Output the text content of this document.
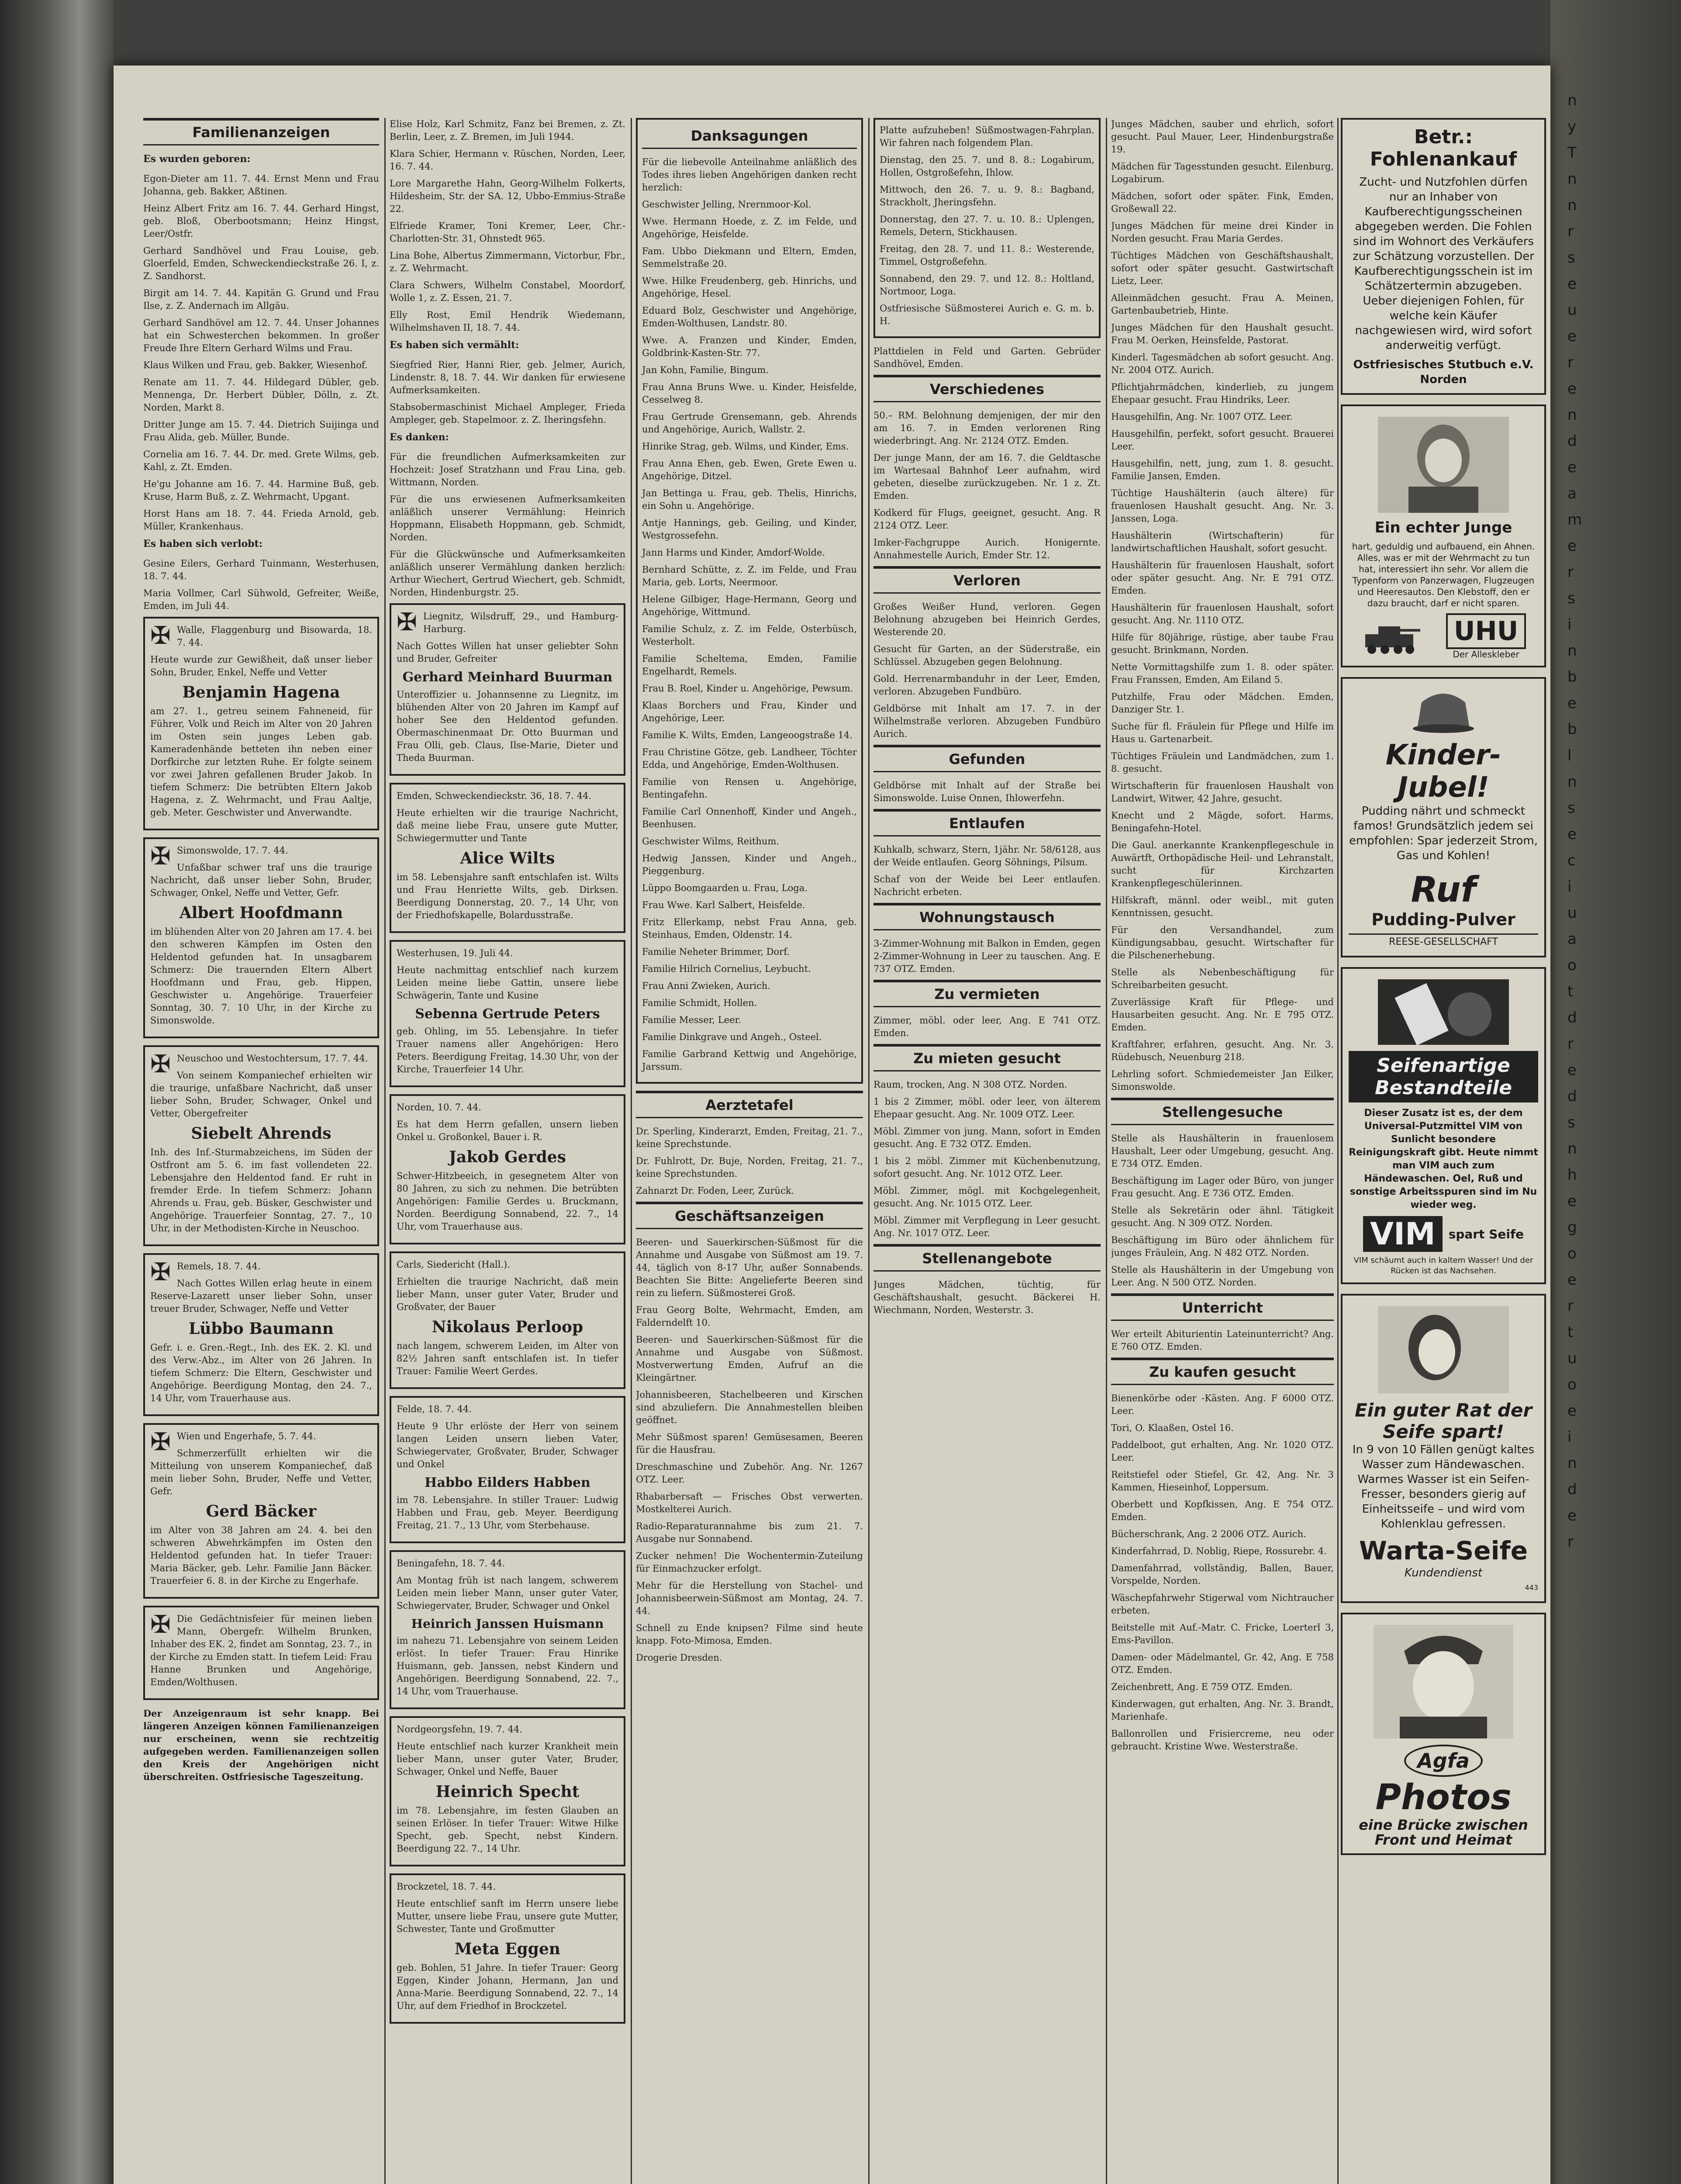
n
y
T
n
n
r
s
e
u
e
r
e
n
d
e
a
m
e
r
s
i
n
b
e
b
l
n
s
e
c
i
u
a
o
t
d
r
e
d
s
n
h
e
g
o
e
r
t
u
o
e
i
n
d
e
r
Familienanzeigen
Es wurden geboren:
Egon-Dieter am 11. 7. 44. Ernst Menn und Frau Johanna, geb. Bakker, Aßtinen.
Heinz Albert Fritz am 16. 7. 44. Gerhard Hingst, geb. Bloß, Oberbootsmann; Heinz Hingst, Leer/Ostfr.
Gerhard Sandhövel und Frau Louise, geb. Gloerfeld, Emden, Schweckendieckstraße 26. I, z. Z. Sandhorst.
Birgit am 14. 7. 44. Kapitän G. Grund und Frau Ilse, z. Z. Andernach im Allgäu.
Gerhard Sandhövel am 12. 7. 44. Unser Johannes hat ein Schwesterchen bekommen. In großer Freude Ihre Eltern Gerhard Wilms und Frau.
Klaus Wilken und Frau, geb. Bakker, Wiesenhof.
Renate am 11. 7. 44. Hildegard Dübler, geb. Mennenga, Dr. Herbert Dübler, Dölln, z. Zt. Norden, Markt 8.
Dritter Junge am 15. 7. 44. Dietrich Suijinga und Frau Alida, geb. Müller, Bunde.
Cornelia am 16. 7. 44. Dr. med. Grete Wilms, geb. Kahl, z. Zt. Emden.
He'gu Johanne am 16. 7. 44. Harmine Buß, geb. Kruse, Harm Buß, z. Z. Wehrmacht, Upgant.
Horst Hans am 18. 7. 44. Frieda Arnold, geb. Müller, Krankenhaus.
Es haben sich verlobt:
Gesine Eilers, Gerhard Tuinmann, Westerhusen, 18. 7. 44.
Maria Vollmer, Carl Sühwold, Gefreiter, Weiße, Emden, im Juli 44.
✠ Walle, Flaggenburg und Bisowarda, 18. 7. 44.
Heute wurde zur Gewißheit, daß unser lieber Sohn, Bruder, Enkel, Neffe und Vetter
Benjamin Hagena
am 27. 1., getreu seinem Fahneneid, für Führer, Volk und Reich im Alter von 20 Jahren im Osten sein junges Leben gab. Kameradenhände betteten ihn neben einer Dorfkirche zur letzten Ruhe. Er folgte seinem vor zwei Jahren gefallenen Bruder Jakob. In tiefem Schmerz: Die betrübten Eltern Jakob Hagena, z. Z. Wehrmacht, und Frau Aaltje, geb. Meter. Geschwister und Anverwandte.
✠ Simonswolde, 17. 7. 44.
Unfaßbar schwer traf uns die traurige Nachricht, daß unser lieber Sohn, Bruder, Schwager, Onkel, Neffe und Vetter, Gefr.
Albert Hoofdmann
im blühenden Alter von 20 Jahren am 17. 4. bei den schweren Kämpfen im Osten den Heldentod gefunden hat. In unsagbarem Schmerz: Die trauernden Eltern Albert Hoofdmann und Frau, geb. Hippen, Geschwister u. Angehörige. Trauerfeier Sonntag, 30. 7. 10 Uhr, in der Kirche zu Simonswolde.
✠ Neuschoo und Westochtersum, 17. 7. 44.
Von seinem Kompaniechef erhielten wir die traurige, unfaßbare Nachricht, daß unser lieber Sohn, Bruder, Schwager, Onkel und Vetter, Obergefreiter
Siebelt Ahrends
Inh. des Inf.-Sturmabzeichens, im Süden der Ostfront am 5. 6. im fast vollendeten 22. Lebensjahre den Heldentod fand. Er ruht in fremder Erde. In tiefem Schmerz: Johann Ahrends u. Frau, geb. Büsker, Geschwister und Angehörige. Trauerfeier Sonntag, 27. 7., 10 Uhr, in der Methodisten-Kirche in Neuschoo.
✠ Remels, 18. 7. 44.
Nach Gottes Willen erlag heute in einem Reserve-Lazarett unser lieber Sohn, unser treuer Bruder, Schwager, Neffe und Vetter
Lübbo Baumann
Gefr. i. e. Gren.-Regt., Inh. des EK. 2. Kl. und des Verw.-Abz., im Alter von 26 Jahren. In tiefem Schmerz: Die Eltern, Geschwister und Angehörige. Beerdigung Montag, den 24. 7., 14 Uhr, vom Trauerhause aus.
✠ Wien und Engerhafe, 5. 7. 44.
Schmerzerfüllt erhielten wir die Mitteilung von unserem Kompaniechef, daß mein lieber Sohn, Bruder, Neffe und Vetter, Gefr.
Gerd Bäcker
im Alter von 38 Jahren am 24. 4. bei den schweren Abwehrkämpfen im Osten den Heldentod gefunden hat. In tiefer Trauer: Maria Bäcker, geb. Lehr. Familie Jann Bäcker. Trauerfeier 6. 8. in der Kirche zu Engerhafe.
✠ Die Gedächtnisfeier für meinen lieben Mann, Obergefr. Wilhelm Brunken, Inhaber des EK. 2, findet am Sonntag, 23. 7., in der Kirche zu Emden statt. In tiefem Leid: Frau Hanne Brunken und Angehörige, Emden/Wolthusen.
Der Anzeigenraum ist sehr knapp. Bei längeren Anzeigen können Familienanzeigen nur erscheinen, wenn sie rechtzeitig aufgegeben werden. Familienanzeigen sollen den Kreis der Angehörigen nicht überschreiten. Ostfriesische Tageszeitung.
Elise Holz, Karl Schmitz, Fanz bei Bremen, z. Zt. Berlin, Leer, z. Z. Bremen, im Juli 1944.
Klara Schier, Hermann v. Rüschen, Norden, Leer, 16. 7. 44.
Lore Margarethe Hahn, Georg-Wilhelm Folkerts, Hildesheim, Str. der SA. 12, Ubbo-Emmius-Straße 22.
Elfriede Kramer, Toni Kremer, Leer, Chr.-Charlotten-Str. 31, Ohnstedt 965.
Lina Bohe, Albertus Zimmermann, Victorbur, Fbr., z. Z. Wehrmacht.
Clara Schwers, Wilhelm Constabel, Moordorf, Wolle 1, z. Z. Essen, 21. 7.
Elly Rost, Emil Hendrik Wiedemann, Wilhelmshaven II, 18. 7. 44.
Es haben sich vermählt:
Siegfried Rier, Hanni Rier, geb. Jelmer, Aurich, Lindenstr. 8, 18. 7. 44. Wir danken für erwiesene Aufmerksamkeiten.
Stabsobermaschinist Michael Ampleger, Frieda Ampleger, geb. Stapelmoor. z. Z. Iheringsfehn.
Es danken:
Für die freundlichen Aufmerksamkeiten zur Hochzeit: Josef Stratzhann und Frau Lina, geb. Wittmann, Norden.
Für die uns erwiesenen Aufmerksamkeiten anläßlich unserer Vermählung: Heinrich Hoppmann, Elisabeth Hoppmann, geb. Schmidt, Norden.
Für die Glückwünsche und Aufmerksamkeiten anläßlich unserer Vermählung danken herzlich: Arthur Wiechert, Gertrud Wiechert, geb. Schmidt, Norden, Hindenburgstr. 25.
✠ Liegnitz, Wilsdruff, 29., und Hamburg-Harburg.
Nach Gottes Willen hat unser geliebter Sohn und Bruder, Gefreiter
Gerhard Meinhard Buurman
Unteroffizier u. Johannsenne zu Liegnitz, im blühenden Alter von 20 Jahren im Kampf auf hoher See den Heldentod gefunden. Obermaschinenmaat Dr. Otto Buurman und Frau Olli, geb. Claus, Ilse-Marie, Dieter und Theda Buurman.
Emden, Schweckendieckstr. 36, 18. 7. 44.
Heute erhielten wir die traurige Nachricht, daß meine liebe Frau, unsere gute Mutter, Schwiegermutter und Tante
Alice Wilts
im 58. Lebensjahre sanft entschlafen ist. Wilts und Frau Henriette Wilts, geb. Dirksen. Beerdigung Donnerstag, 20. 7., 14 Uhr, von der Friedhofskapelle, Bolardusstraße.
Westerhusen, 19. Juli 44.
Heute nachmittag entschlief nach kurzem Leiden meine liebe Gattin, unsere liebe Schwägerin, Tante und Kusine
Sebenna Gertrude Peters
geb. Ohling, im 55. Lebensjahre. In tiefer Trauer namens aller Angehörigen: Hero Peters. Beerdigung Freitag, 14.30 Uhr, von der Kirche, Trauerfeier 14 Uhr.
Norden, 10. 7. 44.
Es hat dem Herrn gefallen, unsern lieben Onkel u. Großonkel, Bauer i. R.
Jakob Gerdes
Schwer-Hitzbeeich, in gesegnetem Alter von 80 Jahren, zu sich zu nehmen. Die betrübten Angehörigen: Familie Gerdes u. Bruckmann, Norden. Beerdigung Sonnabend, 22. 7., 14 Uhr, vom Trauerhause aus.
Carls, Siedericht (Hall.).
Erhielten die traurige Nachricht, daß mein lieber Mann, unser guter Vater, Bruder und Großvater, der Bauer
Nikolaus Perloop
nach langem, schwerem Leiden, im Alter von 82½ Jahren sanft entschlafen ist. In tiefer Trauer: Familie Weert Gerdes.
Felde, 18. 7. 44.
Heute 9 Uhr erlöste der Herr von seinem langen Leiden unsern lieben Vater, Schwiegervater, Großvater, Bruder, Schwager und Onkel
Habbo Eilders Habben
im 78. Lebensjahre. In stiller Trauer: Ludwig Habben und Frau, geb. Meyer. Beerdigung Freitag, 21. 7., 13 Uhr, vom Sterbehause.
Beningafehn, 18. 7. 44.
Am Montag früh ist nach langem, schwerem Leiden mein lieber Mann, unser guter Vater, Schwiegervater, Bruder, Schwager und Onkel
Heinrich Janssen Huismann
im nahezu 71. Lebensjahre von seinem Leiden erlöst. In tiefer Trauer: Frau Hinrike Huismann, geb. Janssen, nebst Kindern und Angehörigen. Beerdigung Sonnabend, 22. 7., 14 Uhr, vom Trauerhause.
Nordgeorgsfehn, 19. 7. 44.
Heute entschlief nach kurzer Krankheit mein lieber Mann, unser guter Vater, Bruder, Schwager, Onkel und Neffe, Bauer
Heinrich Specht
im 78. Lebensjahre, im festen Glauben an seinen Erlöser. In tiefer Trauer: Witwe Hilke Specht, geb. Specht, nebst Kindern. Beerdigung 22. 7., 14 Uhr.
Brockzetel, 18. 7. 44.
Heute entschlief sanft im Herrn unsere liebe Mutter, unsere liebe Frau, unsere gute Mutter, Schwester, Tante und Großmutter
Meta Eggen
geb. Bohlen, 51 Jahre. In tiefer Trauer: Georg Eggen, Kinder Johann, Hermann, Jan und Anna-Marie. Beerdigung Sonnabend, 22. 7., 14 Uhr, auf dem Friedhof in Brockzetel.
Danksagungen
Für die liebevolle Anteilnahme anläßlich des Todes ihres lieben Angehörigen danken recht herzlich:
Geschwister Jelling, Nrernmoor-Kol.
Wwe. Hermann Hoede, z. Z. im Felde, und Angehörige, Heisfelde.
Fam. Ubbo Diekmann und Eltern, Emden, Semmelstraße 20.
Wwe. Hilke Freudenberg, geb. Hinrichs, und Angehörige, Hesel.
Eduard Bolz, Geschwister und Angehörige, Emden-Wolthusen, Landstr. 80.
Wwe. A. Franzen und Kinder, Emden, Goldbrink-Kasten-Str. 77.
Jan Kohn, Familie, Bingum.
Frau Anna Bruns Wwe. u. Kinder, Heisfelde, Cesselweg 8.
Frau Gertrude Grensemann, geb. Ahrends und Angehörige, Aurich, Wallstr. 2.
Hinrike Strag, geb. Wilms, und Kinder, Ems.
Frau Anna Ehen, geb. Ewen, Grete Ewen u. Angehörige, Ditzel.
Jan Bettinga u. Frau, geb. Thelis, Hinrichs, ein Sohn u. Angehörige.
Antje Hannings, geb. Geiling, und Kinder, Westgrossefehn.
Jann Harms und Kinder, Amdorf-Wolde.
Bernhard Schütte, z. Z. im Felde, und Frau Maria, geb. Lorts, Neermoor.
Helene Gilbiger, Hage-Hermann, Georg und Angehörige, Wittmund.
Familie Schulz, z. Z. im Felde, Osterbüsch, Westerholt.
Familie Scheltema, Emden, Familie Engelhardt, Remels.
Frau B. Roel, Kinder u. Angehörige, Pewsum.
Klaas Borchers und Frau, Kinder und Angehörige, Leer.
Familie K. Wilts, Emden, Langeoogstraße 14.
Frau Christine Götze, geb. Landheer, Töchter Edda, und Angehörige, Emden-Wolthusen.
Familie von Rensen u. Angehörige, Bentingafehn.
Familie Carl Onnenhoff, Kinder und Angeh., Beenhusen.
Geschwister Wilms, Reithum.
Hedwig Janssen, Kinder und Angeh., Pieggenburg.
Lüppo Boomgaarden u. Frau, Loga.
Frau Wwe. Karl Salbert, Heisfelde.
Fritz Ellerkamp, nebst Frau Anna, geb. Steinhaus, Emden, Oldenstr. 14.
Familie Neheter Brimmer, Dorf.
Familie Hilrich Cornelius, Leybucht.
Frau Anni Zwieken, Aurich.
Familie Schmidt, Hollen.
Familie Messer, Leer.
Familie Dinkgrave und Angeh., Osteel.
Familie Garbrand Kettwig und Angehörige, Jarssum.
Aerztetafel
Dr. Sperling, Kinderarzt, Emden, Freitag, 21. 7., keine Sprechstunde.
Dr. Fuhlrott, Dr. Buje, Norden, Freitag, 21. 7., keine Sprechstunden.
Zahnarzt Dr. Foden, Leer, Zurück.
Geschäftsanzeigen
Beeren- und Sauerkirschen-Süßmost für die Annahme und Ausgabe von Süßmost am 19. 7. 44, täglich von 8-17 Uhr, außer Sonnabends. Beachten Sie Bitte: Angelieferte Beeren sind rein zu liefern. Süßmosterei Groß.
Frau Georg Bolte, Wehrmacht, Emden, am Falderndelft 10.
Beeren- und Sauerkirschen-Süßmost für die Annahme und Ausgabe von Süßmost. Mostverwertung Emden, Aufruf an die Kleingärtner.
Johannisbeeren, Stachelbeeren und Kirschen sind abzuliefern. Die Annahmestellen bleiben geöffnet.
Mehr Süßmost sparen! Gemüsesamen, Beeren für die Hausfrau.
Dreschmaschine und Zubehör. Ang. Nr. 1267 OTZ. Leer.
Rhabarbersaft — Frisches Obst verwerten. Mostkelterei Aurich.
Radio-Reparaturannahme bis zum 21. 7. Ausgabe nur Sonnabend.
Zucker nehmen! Die Wochentermin-Zuteilung für Einmachzucker erfolgt.
Mehr für die Herstellung von Stachel- und Johannisbeerwein-Süßmost am Montag, 24. 7. 44.
Schnell zu Ende knipsen? Filme sind heute knapp. Foto-Mimosa, Emden.
Drogerie Dresden.
Platte aufzuheben! Süßmostwagen-Fahrplan. Wir fahren nach folgendem Plan.
Dienstag, den 25. 7. und 8. 8.: Logabirum, Hollen, Ostgroßefehn, Ihlow.
Mittwoch, den 26. 7. u. 9. 8.: Bagband, Strackholt, Jheringsfehn.
Donnerstag, den 27. 7. u. 10. 8.: Uplengen, Remels, Detern, Stickhausen.
Freitag, den 28. 7. und 11. 8.: Westerende, Timmel, Ostgroßefehn.
Sonnabend, den 29. 7. und 12. 8.: Holtland, Nortmoor, Loga.
Ostfriesische Süßmosterei Aurich e. G. m. b. H.
Plattdielen in Feld und Garten. Gebrüder Sandhövel, Emden.
Verschiedenes
50.– RM. Belohnung demjenigen, der mir den am 16. 7. in Emden verlorenen Ring wiederbringt. Ang. Nr. 2124 OTZ. Emden.
Der junge Mann, der am 16. 7. die Geldtasche im Wartesaal Bahnhof Leer aufnahm, wird gebeten, dieselbe zurückzugeben. Nr. 1 z. Zt. Emden.
Kodkerd für Flugs, geeignet, gesucht. Ang. R 2124 OTZ. Leer.
Imker-Fachgruppe Aurich. Honigernte. Annahmestelle Aurich, Emder Str. 12.
Verloren
Großes Weißer Hund, verloren. Gegen Belohnung abzugeben bei Heinrich Gerdes, Westerende 20.
Gesucht für Garten, an der Süderstraße, ein Schlüssel. Abzugeben gegen Belohnung.
Gold. Herrenarmbanduhr in der Leer, Emden, verloren. Abzugeben Fundbüro.
Geldbörse mit Inhalt am 17. 7. in der Wilhelmstraße verloren. Abzugeben Fundbüro Aurich.
Gefunden
Geldbörse mit Inhalt auf der Straße bei Simonswolde. Luise Onnen, Ihlowerfehn.
Entlaufen
Kuhkalb, schwarz, Stern, 1jähr. Nr. 58/6128, aus der Weide entlaufen. Georg Söhnings, Pilsum.
Schaf von der Weide bei Leer entlaufen. Nachricht erbeten.
Wohnungstausch
3-Zimmer-Wohnung mit Balkon in Emden, gegen 2-Zimmer-Wohnung in Leer zu tauschen. Ang. E 737 OTZ. Emden.
Zu vermieten
Zimmer, möbl. oder leer, Ang. E 741 OTZ. Emden.
Zu mieten gesucht
Raum, trocken, Ang. N 308 OTZ. Norden.
1 bis 2 Zimmer, möbl. oder leer, von älterem Ehepaar gesucht. Ang. Nr. 1009 OTZ. Leer.
Möbl. Zimmer von jung. Mann, sofort in Emden gesucht. Ang. E 732 OTZ. Emden.
1 bis 2 möbl. Zimmer mit Küchenbenutzung, sofort gesucht. Ang. Nr. 1012 OTZ. Leer.
Möbl. Zimmer, mögl. mit Kochgelegenheit, gesucht. Ang. Nr. 1015 OTZ. Leer.
Möbl. Zimmer mit Verpflegung in Leer gesucht. Ang. Nr. 1017 OTZ. Leer.
Stellenangebote
Junges Mädchen, tüchtig, für Geschäftshaushalt, gesucht. Bäckerei H. Wiechmann, Norden, Westerstr. 3.
Junges Mädchen, sauber und ehrlich, sofort gesucht. Paul Mauer, Leer, Hindenburgstraße 19.
Mädchen für Tagesstunden gesucht. Eilenburg, Logabirum.
Mädchen, sofort oder später. Fink, Emden, Großewall 22.
Junges Mädchen für meine drei Kinder in Norden gesucht. Frau Maria Gerdes.
Tüchtiges Mädchen von Geschäftshaushalt, sofort oder später gesucht. Gastwirtschaft Lietz, Leer.
Alleinmädchen gesucht. Frau A. Meinen, Gartenbaubetrieb, Hinte.
Junges Mädchen für den Haushalt gesucht. Frau M. Oerken, Heinsfelde, Pastorat.
Kinderl. Tagesmädchen ab sofort gesucht. Ang. Nr. 2004 OTZ. Aurich.
Pflichtjahrmädchen, kinderlieb, zu jungem Ehepaar gesucht. Frau Hindriks, Leer.
Hausgehilfin, Ang. Nr. 1007 OTZ. Leer.
Hausgehilfin, perfekt, sofort gesucht. Brauerei Leer.
Hausgehilfin, nett, jung, zum 1. 8. gesucht. Familie Jansen, Emden.
Tüchtige Haushälterin (auch ältere) für frauenlosen Haushalt gesucht. Ang. Nr. 3. Janssen, Loga.
Haushälterin (Wirtschafterin) für landwirtschaftlichen Haushalt, sofort gesucht.
Haushälterin für frauenlosen Haushalt, sofort oder später gesucht. Ang. Nr. E 791 OTZ. Emden.
Haushälterin für frauenlosen Haushalt, sofort gesucht. Ang. Nr. 1110 OTZ.
Hilfe für 80jährige, rüstige, aber taube Frau gesucht. Brinkmann, Norden.
Nette Vormittagshilfe zum 1. 8. oder später. Frau Franssen, Emden, Am Eiland 5.
Putzhilfe, Frau oder Mädchen. Emden, Danziger Str. 1.
Suche für fl. Fräulein für Pflege und Hilfe im Haus u. Gartenarbeit.
Tüchtiges Fräulein und Landmädchen, zum 1. 8. gesucht.
Wirtschafterin für frauenlosen Haushalt von Landwirt, Witwer, 42 Jahre, gesucht.
Knecht und 2 Mägde, sofort. Harms, Beningafehn-Hotel.
Die Gaul. anerkannte Krankenpflegeschule in Auwärtft, Orthopädische Heil- und Lehranstalt, sucht für Kirchzarten Krankenpflegeschülerinnen.
Hilfskraft, männl. oder weibl., mit guten Kenntnissen, gesucht.
Für den Versandhandel, zum Kündigungsabbau, gesucht. Wirtschafter für die Pilschenerhebung.
Stelle als Nebenbeschäftigung für Schreibarbeiten gesucht.
Zuverlässige Kraft für Pflege- und Hausarbeiten gesucht. Ang. Nr. E 795 OTZ. Emden.
Kraftfahrer, erfahren, gesucht. Ang. Nr. 3. Rüdebusch, Neuenburg 218.
Lehrling sofort. Schmiedemeister Jan Eilker, Simonswolde.
Stellengesuche
Stelle als Haushälterin in frauenlosem Haushalt, Leer oder Umgebung, gesucht. Ang. E 734 OTZ. Emden.
Beschäftigung im Lager oder Büro, von junger Frau gesucht. Ang. E 736 OTZ. Emden.
Stelle als Sekretärin oder ähnl. Tätigkeit gesucht. Ang. N 309 OTZ. Norden.
Beschäftigung im Büro oder ähnlichem für junges Fräulein, Ang. N 482 OTZ. Norden.
Stelle als Haushälterin in der Umgebung von Leer. Ang. N 500 OTZ. Norden.
Unterricht
Wer erteilt Abiturientin Lateinunterricht? Ang. E 760 OTZ. Emden.
Zu kaufen gesucht
Bienenkörbe oder -Kästen. Ang. F 6000 OTZ. Leer.
Tori, O. Klaaßen, Ostel 16.
Paddelboot, gut erhalten, Ang. Nr. 1020 OTZ. Leer.
Reitstiefel oder Stiefel, Gr. 42, Ang. Nr. 3 Kammen, Hieseinhof, Loppersum.
Oberbett und Kopfkissen, Ang. E 754 OTZ. Emden.
Bücherschrank, Ang. 2 2006 OTZ. Aurich.
Kinderfahrrad, D. Noblig, Riepe, Rossurebr. 4.
Damenfahrrad, vollständig, Ballen, Bauer, Vorspelde, Norden.
Wäschepfahrwehr Stigerwal vom Nichtraucher erbeten.
Beitstelle mit Auf.-Matr. C. Fricke, Loerterl 3, Ems-Pavillon.
Damen- oder Mädelmantel, Gr. 42, Ang. E 758 OTZ. Emden.
Zeichenbrett, Ang. E 759 OTZ. Emden.
Kinderwagen, gut erhalten, Ang. Nr. 3. Brandt, Marienhafe.
Ballonrollen und Frisiercreme, neu oder gebraucht. Kristine Wwe. Westerstraße.
Betr.: Fohlenankauf
Zucht- und Nutzfohlen dürfen nur an Inhaber von Kaufberechtigungsscheinen abgegeben werden. Die Fohlen sind im Wohnort des Verkäufers zur Schätzung vorzustellen. Der Kaufberechtigungsschein ist im Schätzertermin abzugeben. Ueber diejenigen Fohlen, für welche kein Käufer nachgewiesen wird, wird sofort anderweitig verfügt.
Ostfriesisches Stutbuch e.V. Norden
Ein echter Junge
hart, geduldig und aufbauend, ein Ahnen. Alles, was er mit der Wehrmacht zu tun hat, interessiert ihn sehr. Vor allem die Typenform von Panzerwagen, Flugzeugen und Heeresautos. Den Klebstoff, den er dazu braucht, darf er nicht sparen.
UHU
Der Alleskleber
Kinder-Jubel!
Pudding nährt und schmeckt famos! Grundsätzlich jedem sei empfohlen: Spar jederzeit Strom, Gas und Kohlen!
Ruf
Pudding-Pulver
REESE-GESELLSCHAFT
Seifenartige Bestandteile
Dieser Zusatz ist es, der dem Universal-Putzmittel VIM von Sunlicht besondere Reinigungskraft gibt. Heute nimmt man VIM auch zum Händewaschen. Oel, Ruß und sonstige Arbeitsspuren sind im Nu wieder weg.
VIM	spart Seife
VIM schäumt auch in kaltem Wasser! Und der Rücken ist das Nachsehen.
Ein guter Rat der Seife spart!
In 9 von 10 Fällen genügt kaltes Wasser zum Händewaschen. Warmes Wasser ist ein Seifen-Fresser, besonders gierig auf Einheitsseife – und wird vom Kohlenklau gefressen.
Warta-Seife
Kundendienst
443
Agfa
Photos
eine Brücke zwischen Front und Heimat
